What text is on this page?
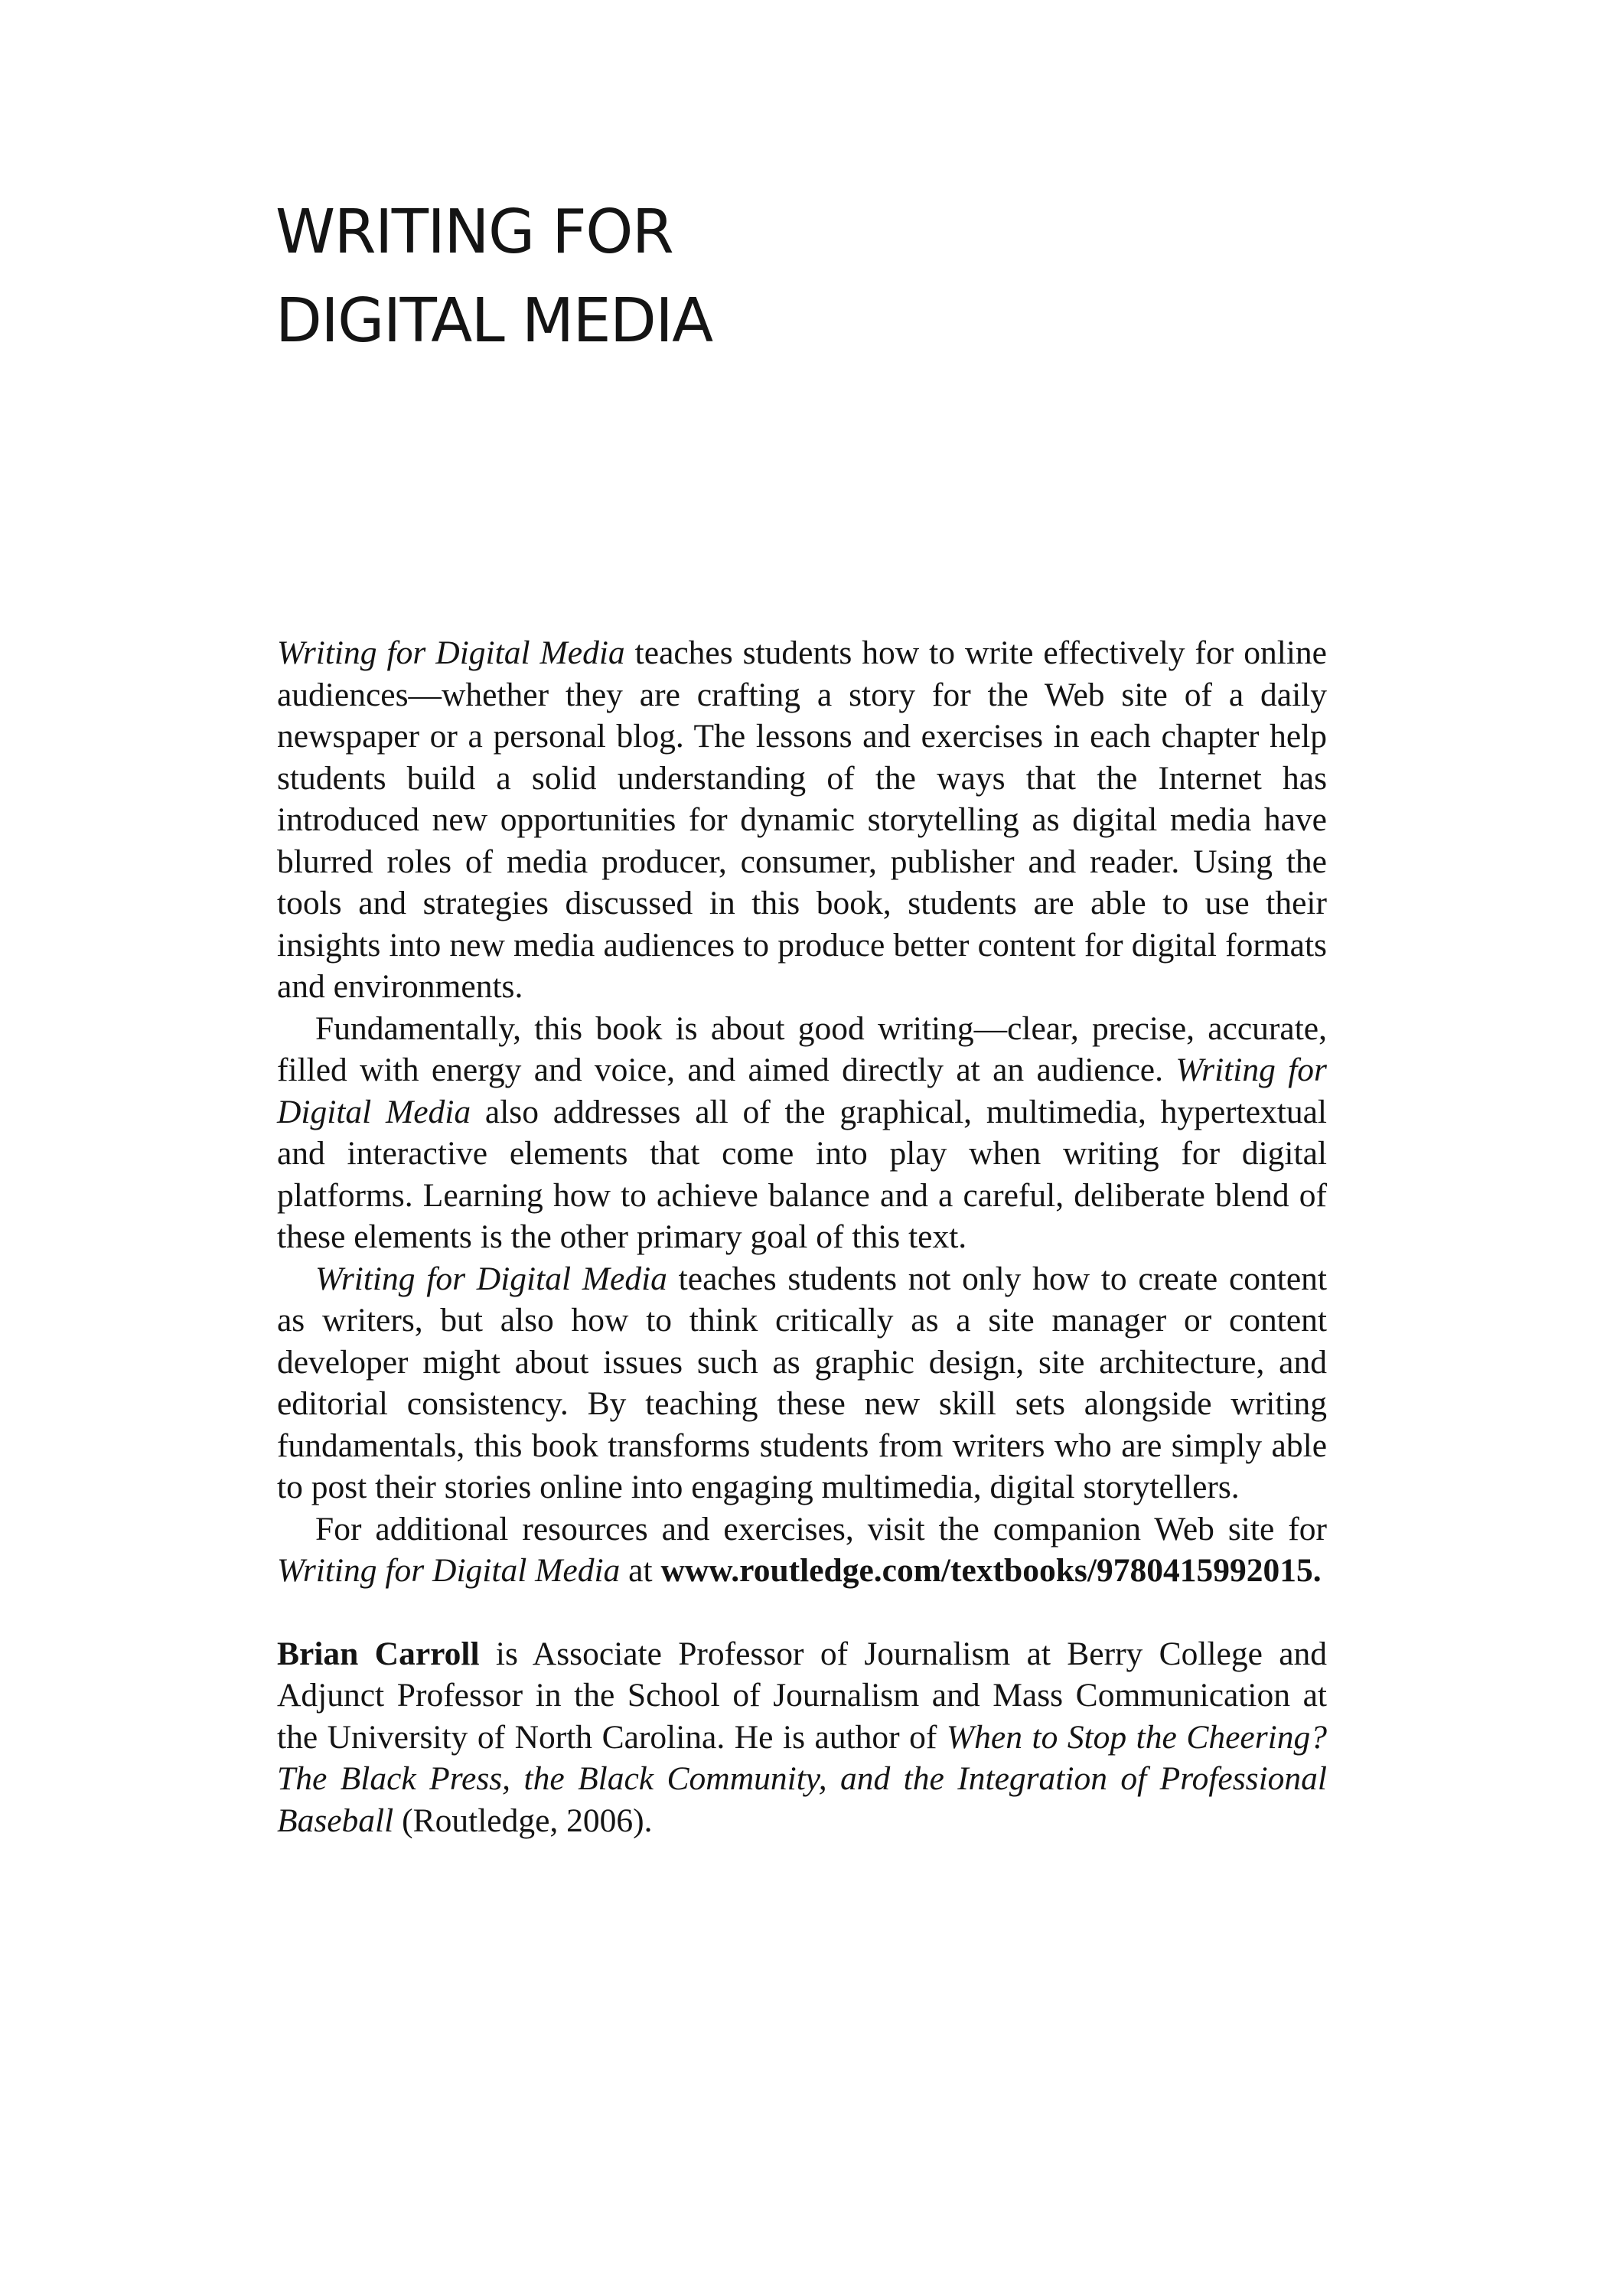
WRITING FOR
DIGITAL MEDIA

Writing for Digital Media teaches students how to write effectively for online audiences—whether they are crafting a story for the Web site of a daily newspaper or a personal blog. The lessons and exercises in each chapter help students build a solid understanding of the ways that the Internet has introduced new opportunities for dynamic storytelling as digital media have blurred roles of media producer, consumer, publisher and reader. Using the tools and strategies discussed in this book, students are able to use their insights into new media audiences to produce better content for digital formats and environments.

Fundamentally, this book is about good writing—clear, precise, accurate, filled with energy and voice, and aimed directly at an audience. Writing for Digital Media also addresses all of the graphical, multimedia, hypertextual and interactive elements that come into play when writing for digital platforms. Learning how to achieve balance and a careful, deliberate blend of these elements is the other primary goal of this text.

Writing for Digital Media teaches students not only how to create content as writers, but also how to think critically as a site manager or content developer might about issues such as graphic design, site architecture, and editorial consistency. By teaching these new skill sets alongside writing fundamentals, this book transforms students from writers who are simply able to post their stories online into engaging multimedia, digital storytellers.

For additional resources and exercises, visit the companion Web site for Writing for Digital Media at www.routledge.com/textbooks/9780415992015.

Brian Carroll is Associate Professor of Journalism at Berry College and Adjunct Professor in the School of Journalism and Mass Communication at the University of North Carolina. He is author of When to Stop the Cheering? The Black Press, the Black Community, and the Integration of Professional Baseball (Routledge, 2006).
